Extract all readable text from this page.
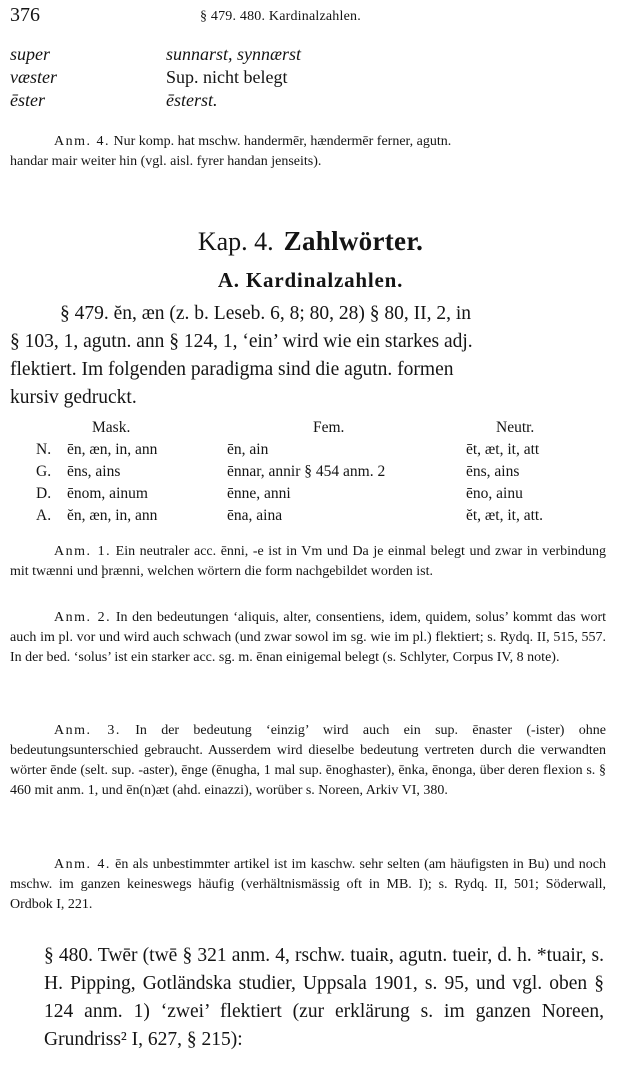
376	§ 479. 480. Kardinalzahlen.
super	sunnarst, synnærst
væster	Sup. nicht belegt
ēster	ēsterst.
Anm. 4. Nur komp. hat mschw. handermēr, hændermēr ferner, agutn.
handar mair weiter hin (vgl. aisl. fyrer handan jenseits).
Kap. 4. Zahlwörter.
A. Kardinalzahlen.
§ 479. ĕn, æn (z. b. Leseb. 6, 8; 80, 28) § 80, II, 2, in
§ 103, 1, agutn. ann § 124, 1, ‘ein’ wird wie ein starkes adj.
flektiert. Im folgenden paradigma sind die agutn. formen
kursiv gedruckt.
Mask.	Fem.	Neutr.
N. ēn, æn, in, ann	ēn, ain	ēt, æt, it, att
G. ēns, ains	ēnnar, annir § 454 anm. 2	ēns, ains
D. ēnom, ainum	ēnne, anni	ēno, ainu
A. ĕn, æn, in, ann	ēna, aina	ĕt, æt, it, att.
Anm. 1. Ein neutraler acc. ēnni, -e ist in Vm und Da je einmal belegt und zwar in verbindung mit twænni und þrænni, welchen wörtern die form nachgebildet worden ist.
Anm. 2. In den bedeutungen ‘aliquis, alter, consentiens, idem, quidem, solus’ kommt das wort auch im pl. vor und wird auch schwach (und zwar sowol im sg. wie im pl.) flektiert; s. Rydq. II, 515, 557. In der bed. ‘solus’ ist ein starker acc. sg. m. ēnan einigemal belegt (s. Schlyter, Corpus IV, 8 note).
Anm. 3. In der bedeutung ‘einzig’ wird auch ein sup. ēnaster (-ister) ohne bedeutungsunterschied gebraucht. Ausserdem wird dieselbe bedeutung vertreten durch die verwandten wörter ēnde (selt. sup. -aster), ēnge (ēnugha, 1 mal sup. ēnoghaster), ēnka, ēnonga, über deren flexion s. § 460 mit anm. 1, und ēn(n)æt (ahd. einazzi), worüber s. Noreen, Arkiv VI, 380.
Anm. 4. ēn als unbestimmter artikel ist im kaschw. sehr selten (am häufigsten in Bu) und noch mschw. im ganzen keineswegs häufig (verhältnismässig oft in MB. I); s. Rydq. II, 501; Söderwall, Ordbok I, 221.
§ 480. Twēr (twē § 321 anm. 4, rschw. tuaiʀ, agutn. tueir, d. h. *tuair, s. H. Pipping, Gotländska studier, Uppsala 1901, s. 95, und vgl. oben § 124 anm. 1) ‘zwei’ flektiert (zur erklärung s. im ganzen Noreen, Grundriss² I, 627, § 215):
